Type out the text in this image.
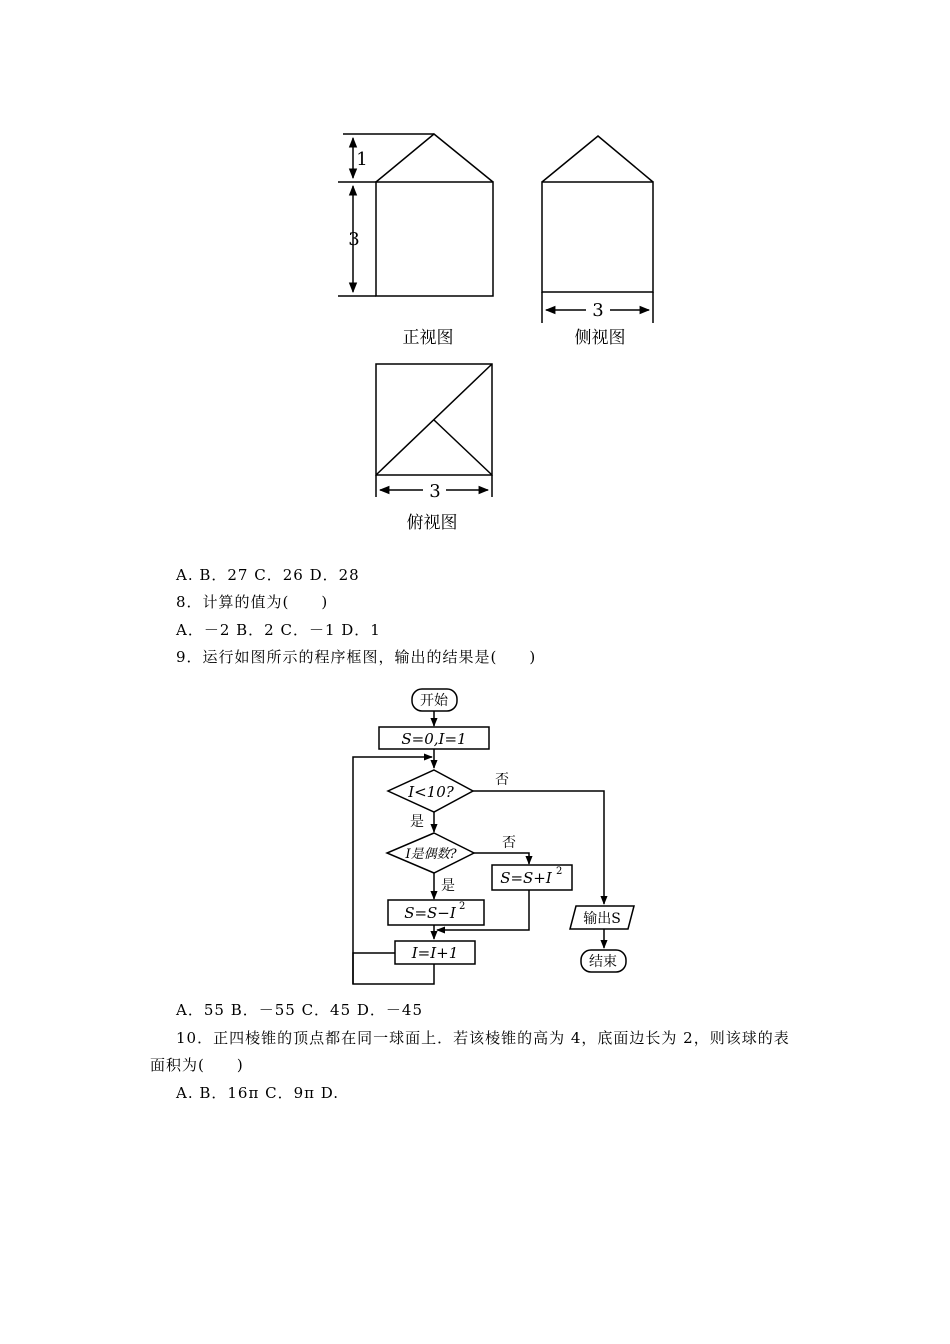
1
3
3
3
正视图	侧视图
俯视图
A. B．27 C．26 D．28
8．计算的值为(　　)
A．－2 B．2 C．－1 D．1
9．运行如图所示的程序框图，输出的结果是(　　)
S=0,I=1
I<10?
I是偶数?
S=S+I 2
S=S−I 2
I=I+1
开始
输出S
结束
否
是
否
是
A．55 B．－55 C．45 D．－45
10．正四棱锥的顶点都在同一球面上．若该棱锥的高为 4，底面边长为 2，则该球的表
面积为(　　)
A. B．16π C．9π D.
